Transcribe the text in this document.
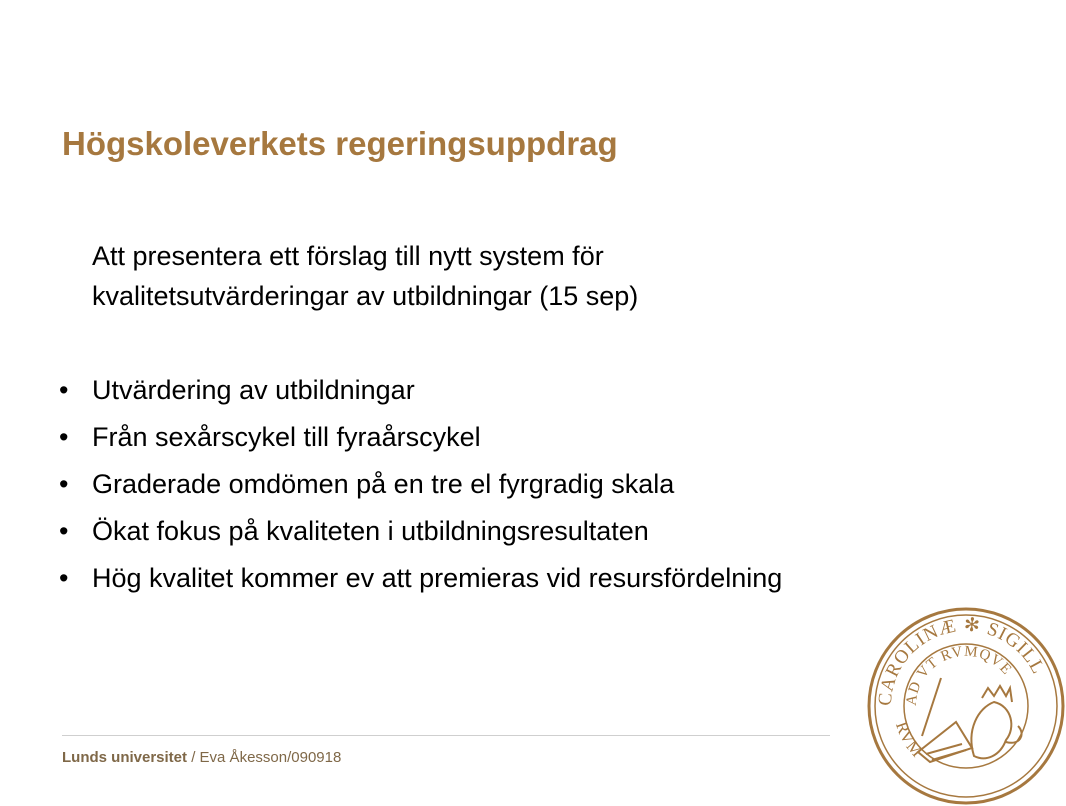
Högskoleverkets regeringsuppdrag

Att presentera ett förslag till nytt system för kvalitetsutvärderingar av utbildningar (15 sep)

• Utvärdering av utbildningar
• Från sexårscykel till fyraårscykel
• Graderade omdömen på en tre el fyrgradig skala
• Ökat fokus på kvaliteten i utbildningsresultaten
• Hög kvalitet kommer ev att premieras vid resursfördelning

Lunds universitet / Eva Åkesson/090918

CAROLINÆ ✻ SIGILL
AD VT RVMQVE
RVM
